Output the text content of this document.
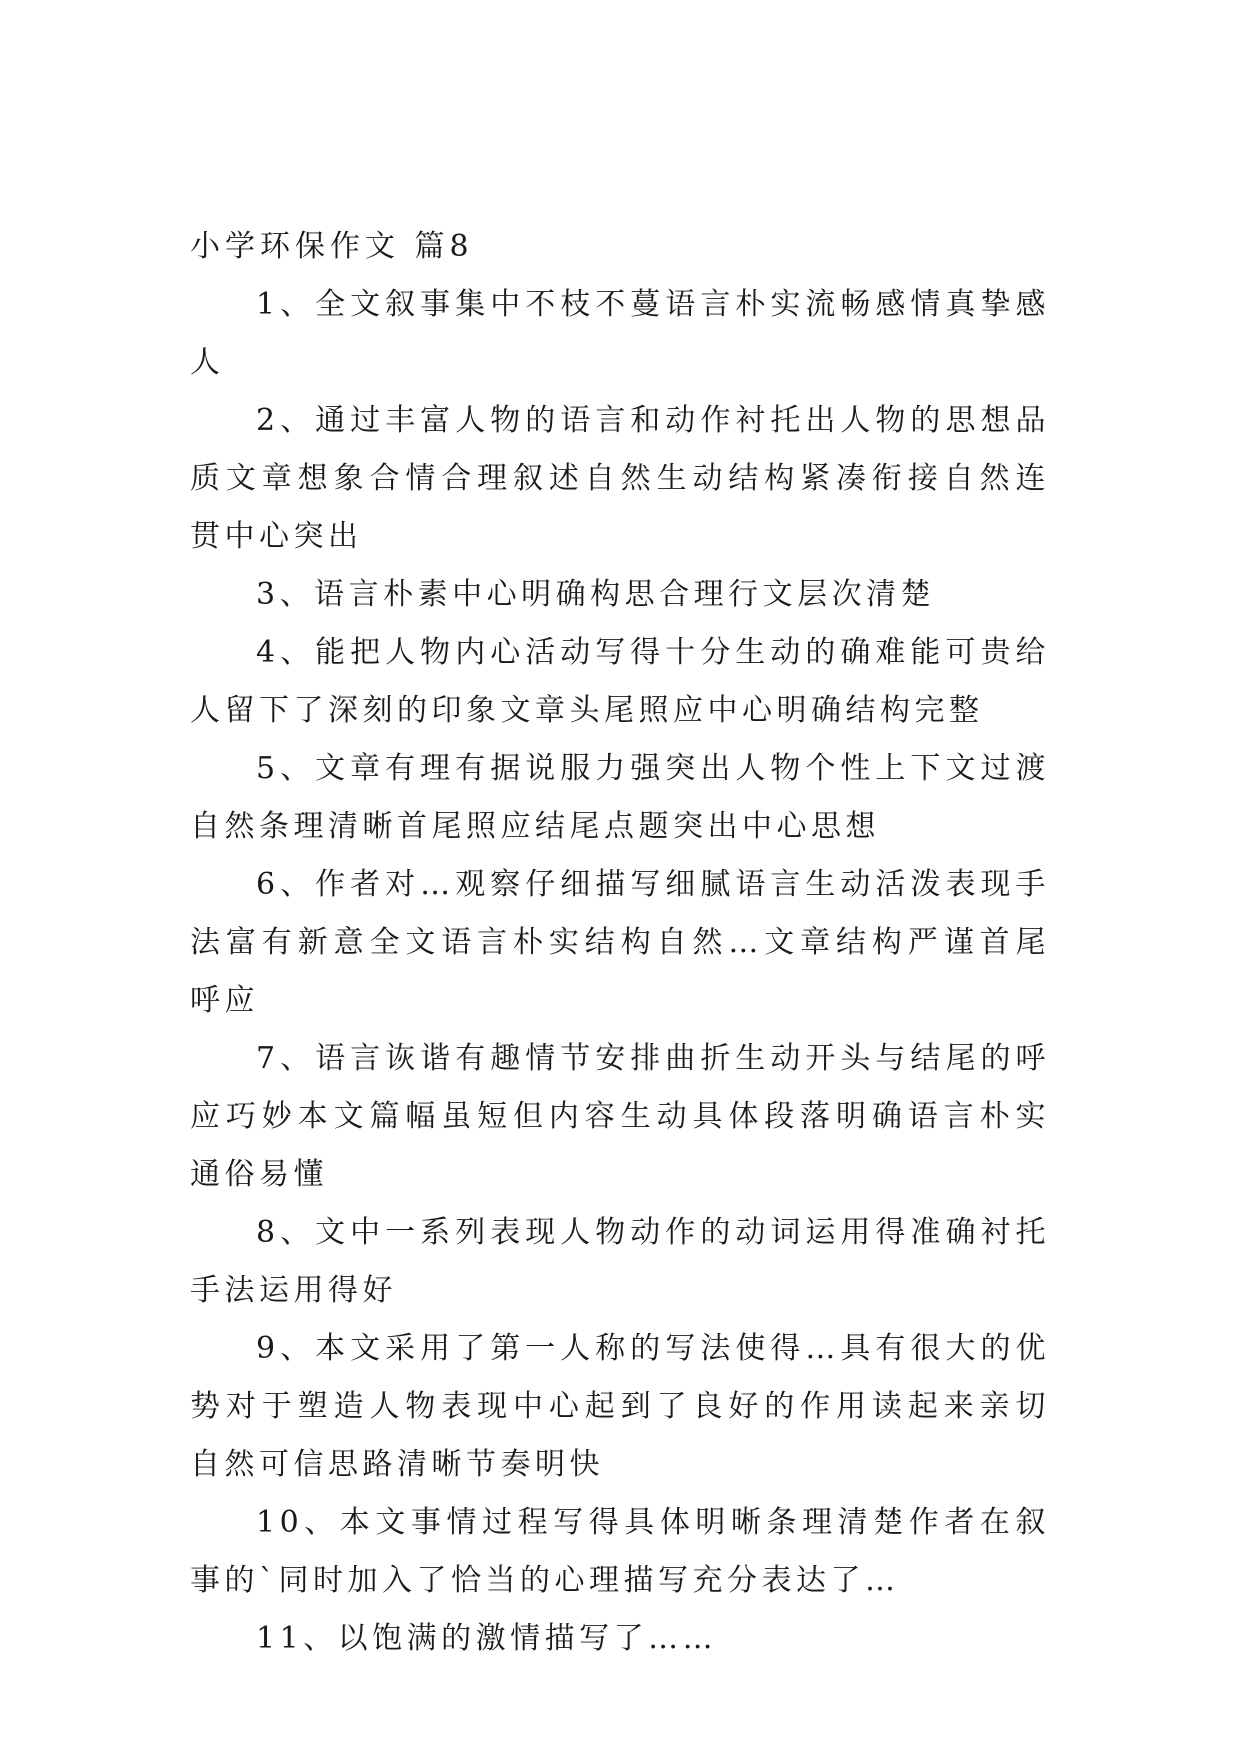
小学环保作文 篇8

1、全文叙事集中不枝不蔓语言朴实流畅感情真挚感人

2、通过丰富人物的语言和动作衬托出人物的思想品质文章想象合情合理叙述自然生动结构紧凑衔接自然连贯中心突出

3、语言朴素中心明确构思合理行文层次清楚

4、能把人物内心活动写得十分生动的确难能可贵给人留下了深刻的印象文章头尾照应中心明确结构完整

5、文章有理有据说服力强突出人物个性上下文过渡自然条理清晰首尾照应结尾点题突出中心思想

6、作者对…观察仔细描写细腻语言生动活泼表现手法富有新意全文语言朴实结构自然…文章结构严谨首尾呼应

7、语言诙谐有趣情节安排曲折生动开头与结尾的呼应巧妙本文篇幅虽短但内容生动具体段落明确语言朴实通俗易懂

8、文中一系列表现人物动作的动词运用得准确衬托手法运用得好

9、本文采用了第一人称的写法使得…具有很大的优势对于塑造人物表现中心起到了良好的作用读起来亲切自然可信思路清晰节奏明快

10、本文事情过程写得具体明晰条理清楚作者在叙事的`同时加入了恰当的心理描写充分表达了…

11、以饱满的激情描写了……
